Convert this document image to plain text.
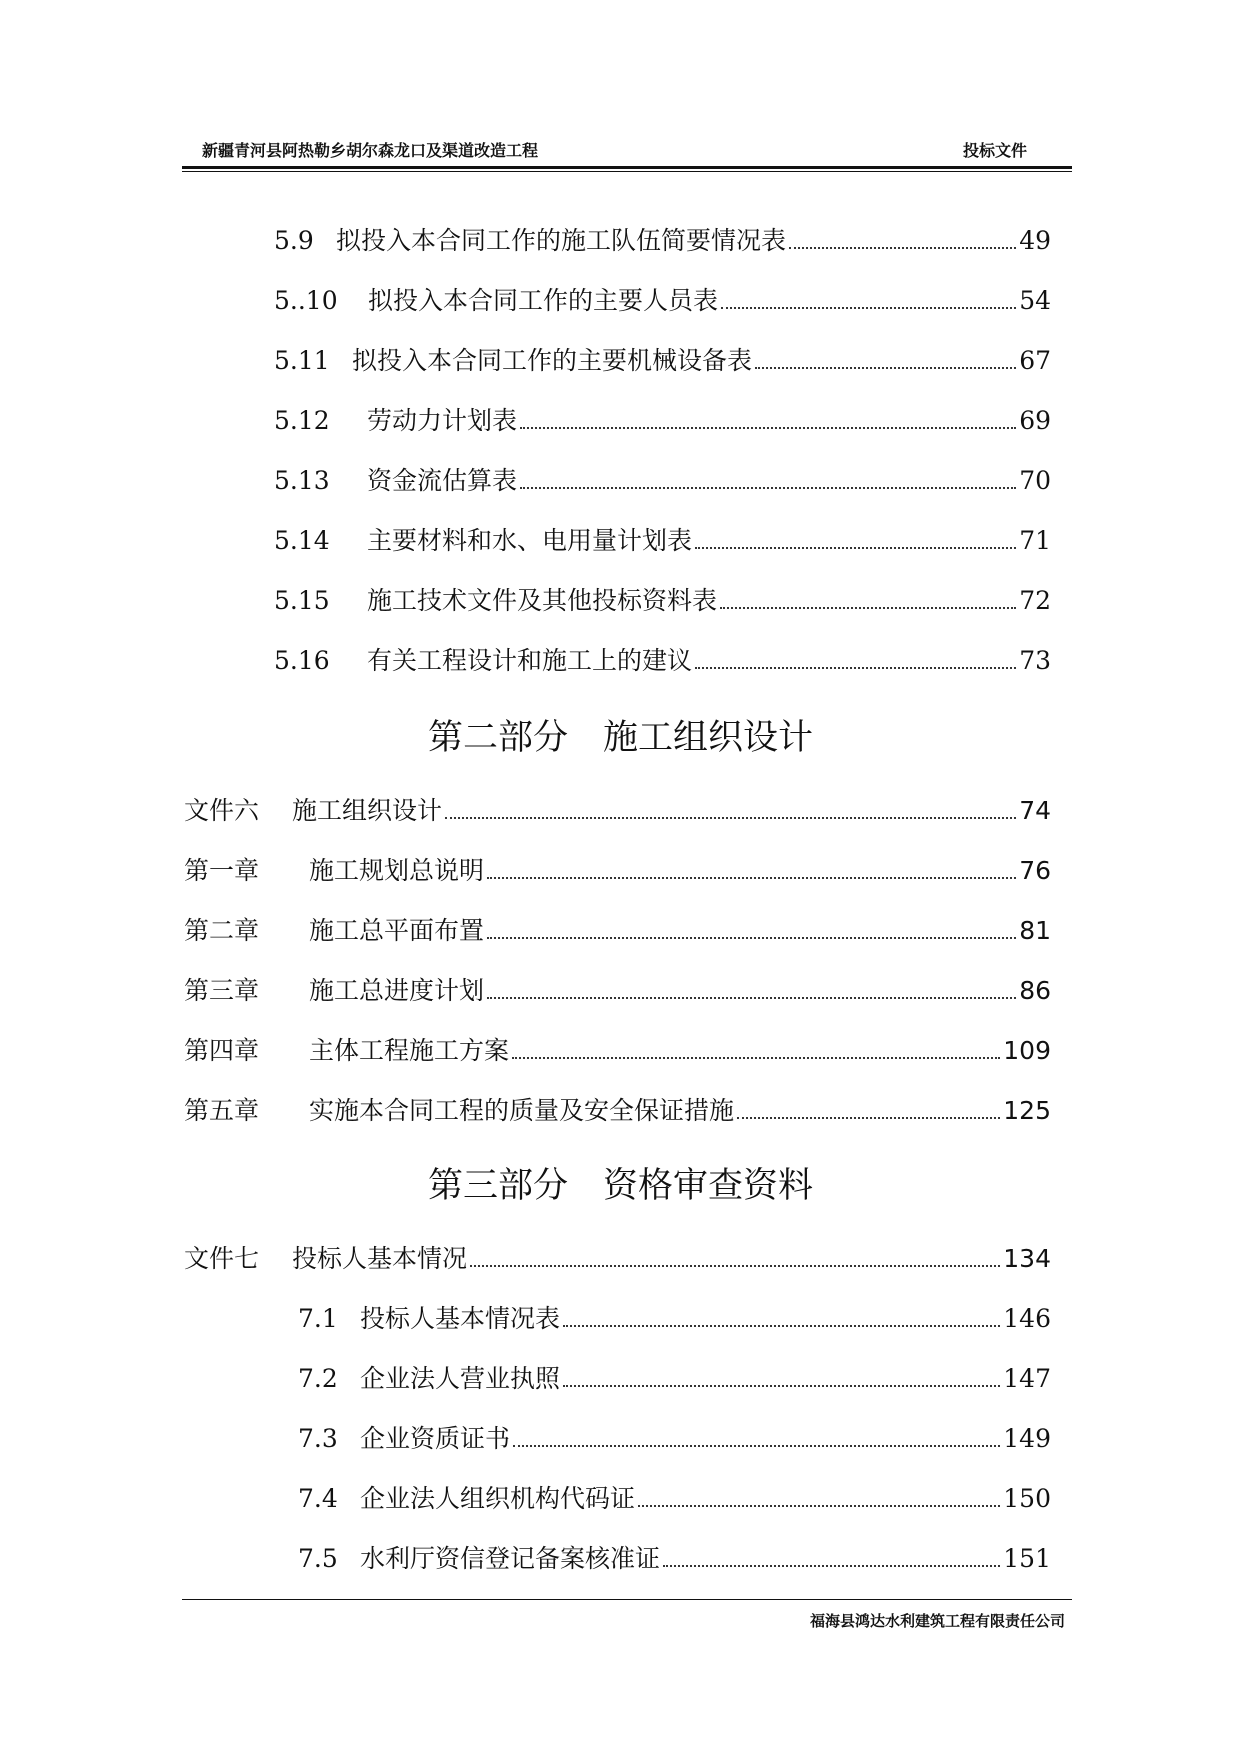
新疆青河县阿热勒乡胡尔森龙口及渠道改造工程	投标文件
5.9 拟投入本合同工作的施工队伍简要情况表	49
5..10	拟投入本合同工作的主要人员表	54
5.11 拟投入本合同工作的主要机械设备表	67
5.12	劳动力计划表	69
5.13	资金流估算表	70
5.14	主要材料和水、电用量计划表	71
5.15	施工技术文件及其他投标资料表	72
5.16	有关工程设计和施工上的建议	73
第二部分　施工组织设计
文件六	施工组织设计	74
第一章	施工规划总说明	76
第二章	施工总平面布置	81
第三章	施工总进度计划	86
第四章	主体工程施工方案	109
第五章	实施本合同工程的质量及安全保证措施	125
第三部分　资格审查资料
文件七	投标人基本情况	134
7.1 投标人基本情况表	146
7.2 企业法人营业执照	147
7.3 企业资质证书	149
7.4 企业法人组织机构代码证	150
7.5 水利厅资信登记备案核准证	151
福海县鸿达水利建筑工程有限责任公司
